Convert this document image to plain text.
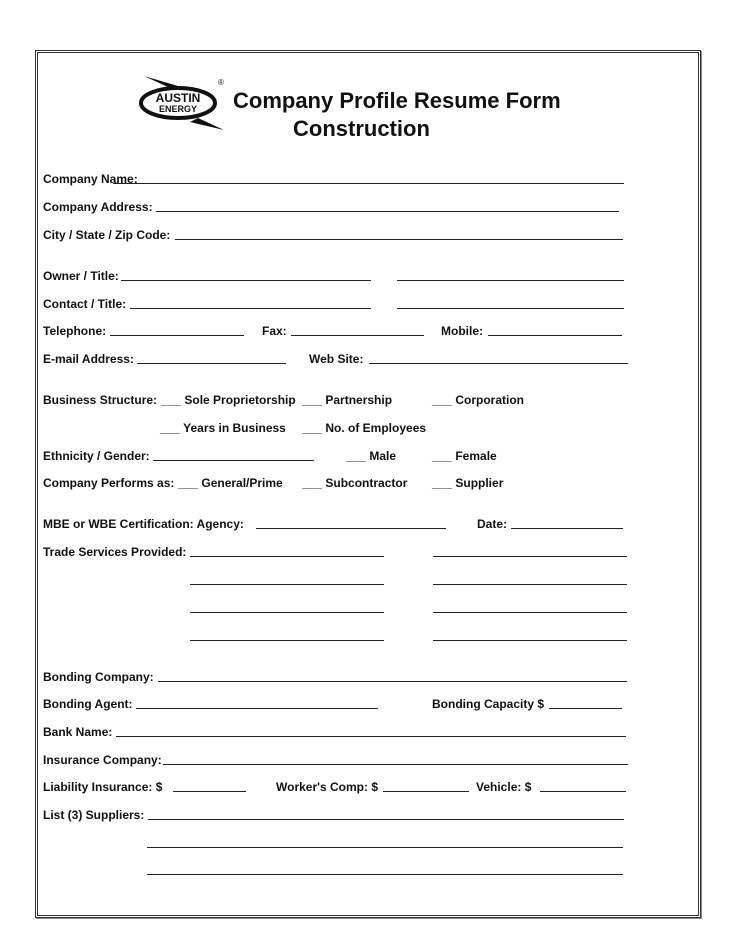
AUSTIN
ENERGY
®
Company Profile Resume Form
Construction
Company Name:
Company Address:
City / State / Zip Code:
Owner / Title:
Contact / Title:
Telephone:	Fax:	Mobile:
E-mail Address:	Web Site:
Business Structure: ___ Sole Proprietorship ___ Partnership	___ Corporation
___ Years in Business ___ No. of Employees
Ethnicity / Gender:	___ Male	___ Female
Company Performs as: ___ General/Prime ___ Subcontractor ___ Supplier
MBE or WBE Certification: Agency:	Date:
Trade Services Provided:
Bonding Company:
Bonding Agent:	Bonding Capacity $
Bank Name:
Insurance Company:
Liability Insurance: $	Worker's Comp: $	Vehicle: $
List (3) Suppliers:
